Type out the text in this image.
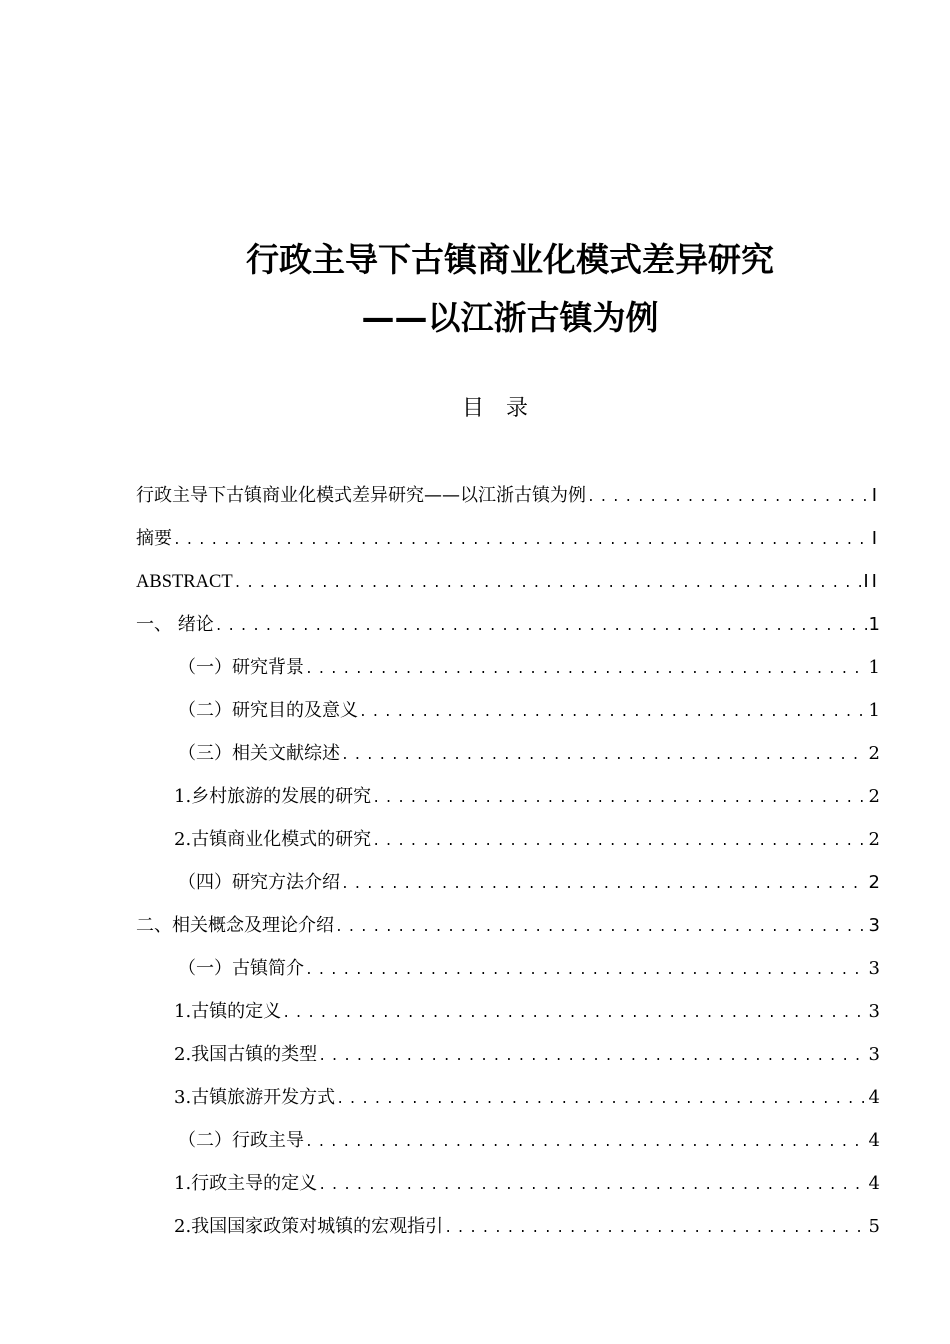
行政主导下古镇商业化模式差异研究
——以江浙古镇为例
目 录
行政主导下古镇商业化模式差异研究——以江浙古镇为例 . . .	I
摘要 . . .	I
ABSTRACT . . .	II
一、 绪论 . . .	1
（一）研究背景 . . .	1
（二）研究目的及意义 . . .	1
（三）相关文献综述 . . .	2
1.乡村旅游的发展的研究 . . .	2
2.古镇商业化模式的研究 . . .	2
（四）研究方法介绍 . . .	2
二、相关概念及理论介绍 . . .	3
（一）古镇简介 . . .	3
1.古镇的定义 . . .	3
2.我国古镇的类型 . . .	3
3.古镇旅游开发方式 . . .	4
（二）行政主导 . . .	4
1.行政主导的定义 . . .	4
2.我国国家政策对城镇的宏观指引 . . .	5
